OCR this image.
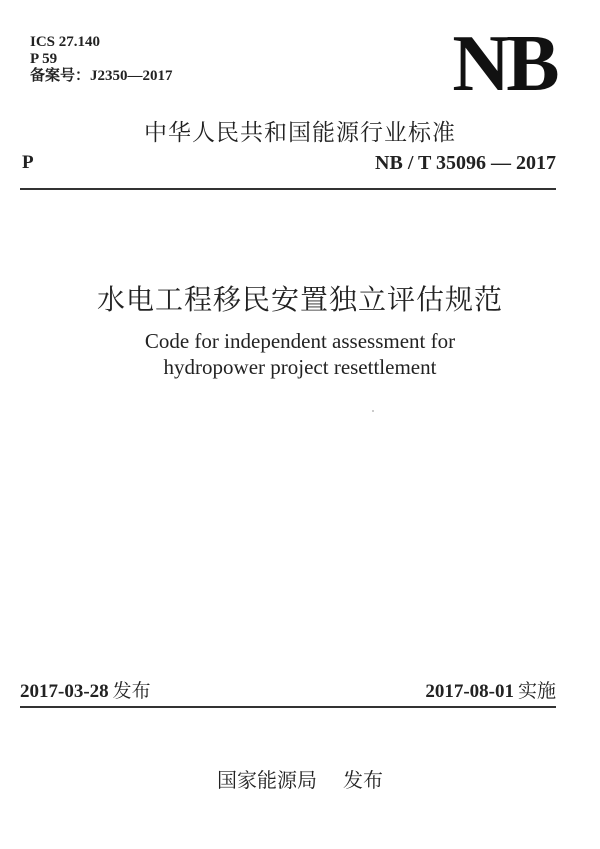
ICS 27.140
P 59
备案号：J2350—2017	NB
中华人民共和国能源行业标准
P	NB / T 35096 — 2017
水电工程移民安置独立评估规范
Code for independent assessment for
hydropower project resettlement
2017-03-28 发布	2017-08-01 实施
国家能源局 发布
